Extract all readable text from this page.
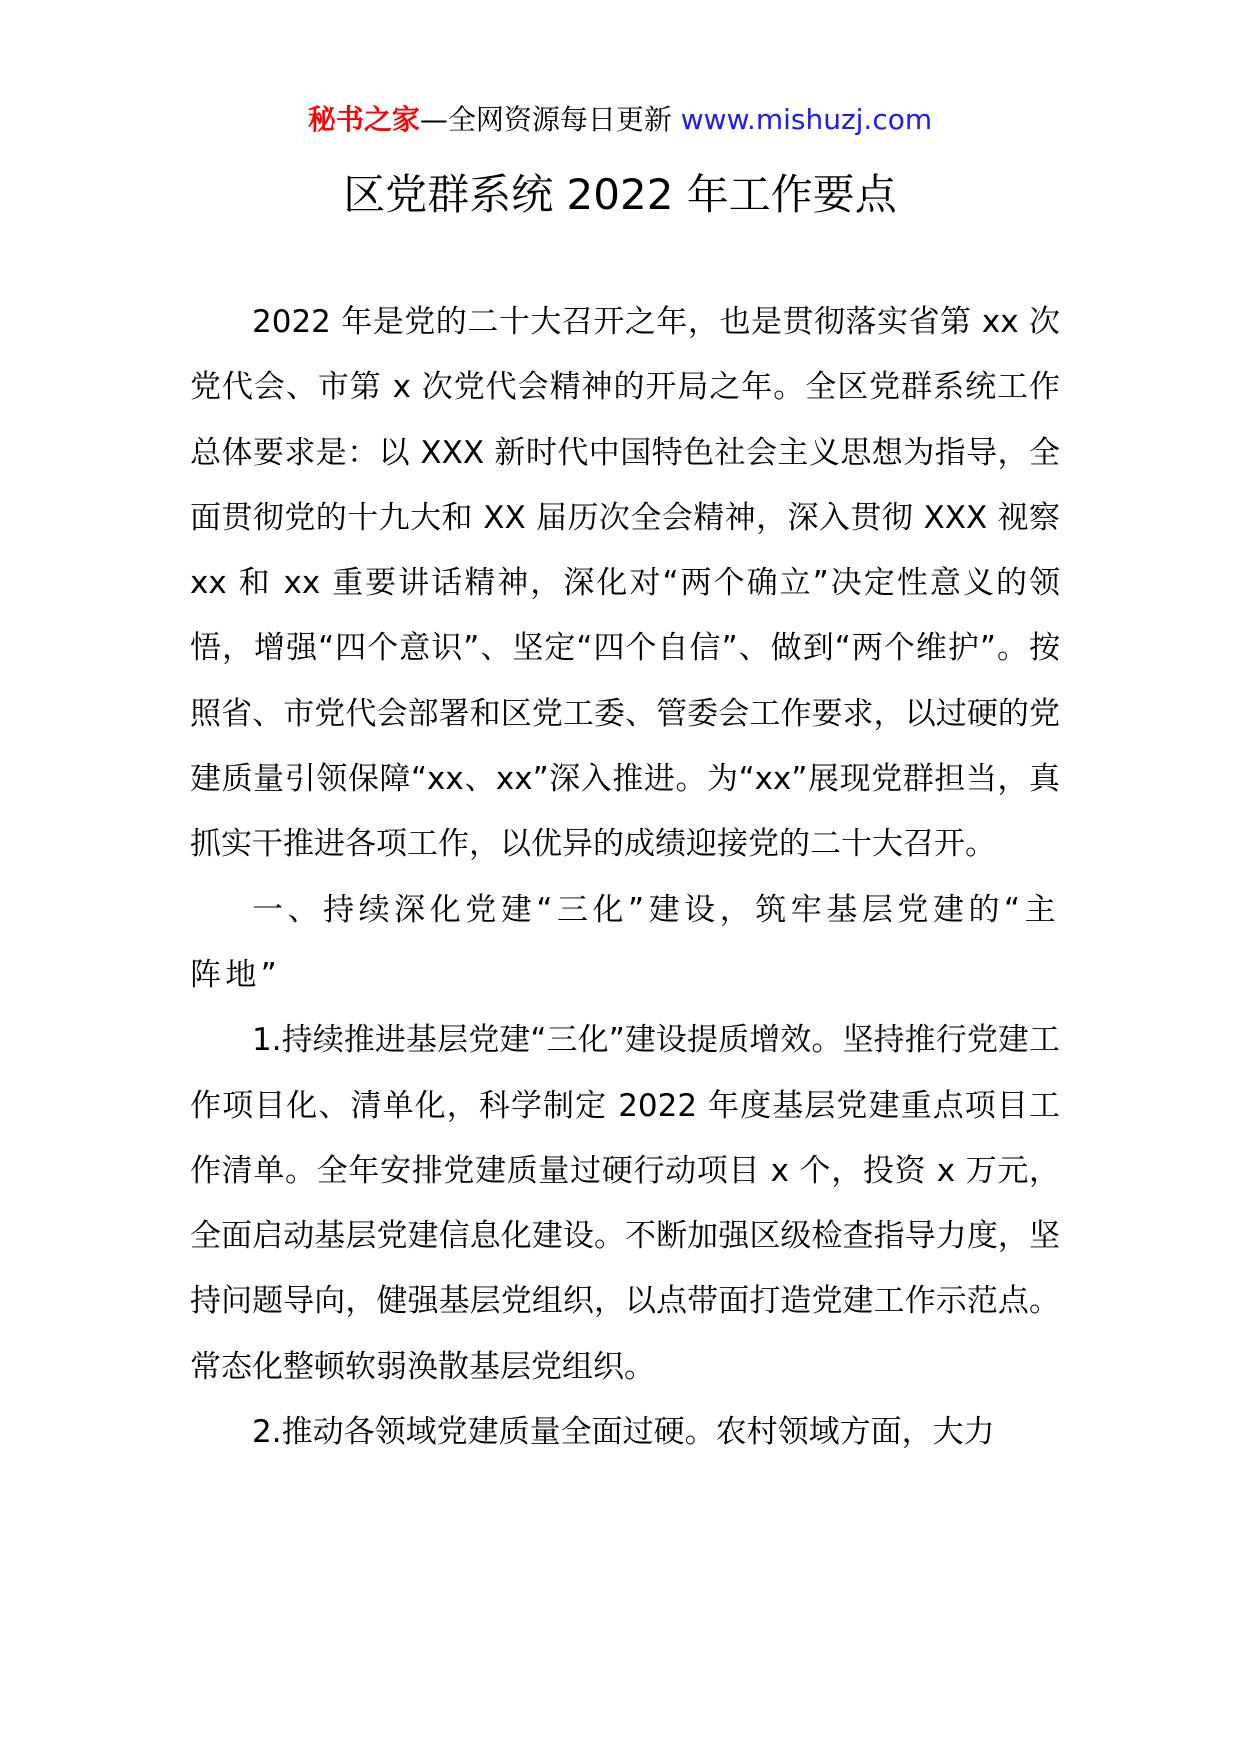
秘书之家—全网资源每日更新 www.mishuzj.com
区党群系统 2022 年工作要点

2022 年是党的二十大召开之年，也是贯彻落实省第 xx 次党代会、市第 x 次党代会精神的开局之年。全区党群系统工作总体要求是：以 XXX 新时代中国特色社会主义思想为指导，全面贯彻党的十九大和 XX 届历次全会精神，深入贯彻 XXX 视察 xx 和 xx 重要讲话精神，深化对“两个确立”决定性意义的领悟，增强“四个意识”、坚定“四个自信”、做到“两个维护”。按照省、市党代会部署和区党工委、管委会工作要求，以过硬的党建质量引领保障“xx、xx”深入推进。为“xx”展现党群担当，真抓实干推进各项工作，以优异的成绩迎接党的二十大召开。

一、持续深化党建“三化”建设，筑牢基层党建的“主阵地”

1.持续推进基层党建“三化”建设提质增效。坚持推行党建工作项目化、清单化，科学制定 2022 年度基层党建重点项目工作清单。全年安排党建质量过硬行动项目 x 个，投资 x 万元，全面启动基层党建信息化建设。不断加强区级检查指导力度，坚持问题导向，健强基层党组织，以点带面打造党建工作示范点。常态化整顿软弱涣散基层党组织。

2.推动各领域党建质量全面过硬。农村领域方面，大力
